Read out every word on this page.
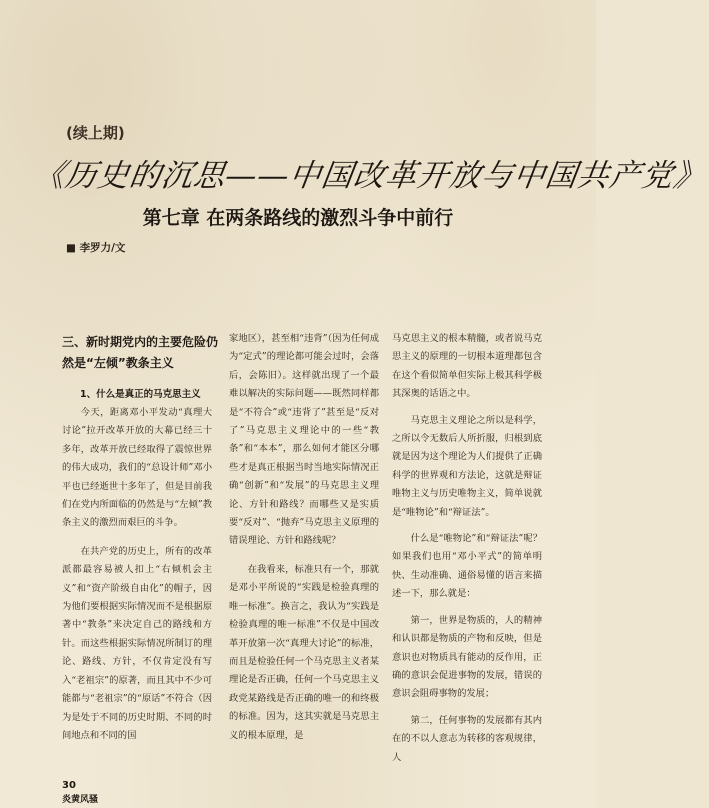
(续上期)
《历史的沉思——中国改革开放与中国共产党》
第七章 在两条路线的激烈斗争中前行
■ 李罗力/文
三、新时期党内的主要危险仍然是“左倾”教条主义
1、什么是真正的马克思主义

今天，距离邓小平发动“真理大讨论”拉开改革开放的大幕已经三十多年，改革开放已经取得了震惊世界的伟大成功，我们的“总设计师”邓小平也已经逝世十多年了，但是目前我们在党内所面临的仍然是与“左倾”教条主义的激烈而艰巨的斗争。

在共产党的历史上，所有的改革派都最容易被人扣上“右倾机会主义”和“资产阶级自由化”的帽子，因为他们要根据实际情况而不是根据原著中“教条”来决定自己的路线和方针。而这些根据实际情况所制订的理论、路线、方针，不仅肯定没有写入“老祖宗”的原著，而且其中不少可能都与“老祖宗”的“原话”不符合（因为是处于不同的历史时期、不同的时间地点和不同的国

家地区），甚至相“违背”（因为任何成为“定式”的理论都可能会过时，会落后，会陈旧）。这样就出现了一个最难以解决的实际问题——既然同样都是“不符合”或“违背了”甚至是“反对了”马克思主义理论中的一些“教条”和“本本”，那么如何才能区分哪些才是真正根据当时当地实际情况正确“创新”和“发展”的马克思主义理论、方针和路线？而哪些又是实质要“反对”、“抛弃”马克思主义原理的错误理论、方针和路线呢？

在我看来，标准只有一个，那就是邓小平所说的“实践是检验真理的唯一标准”。换言之，我认为“实践是检验真理的唯一标准”不仅是中国改革开放第一次“真理大讨论”的标准，而且是检验任何一个马克思主义者某理论是否正确，任何一个马克思主义政党某路线是否正确的唯一的和终极的标准。因为，这其实就是马克思主义的根本原理，是

马克思主义的根本精髓，或者说马克思主义的原理的一切根本道理都包含在这个看似简单但实际上极其科学极其深奥的话语之中。

马克思主义理论之所以是科学，之所以令无数后人所折服，归根到底就是因为这个理论为人们提供了正确科学的世界观和方法论，这就是辩证唯物主义与历史唯物主义，简单说就是“唯物论”和“辩证法”。

什么是“唯物论”和“辩证法”呢？如果我们也用“邓小平式”的简单明快、生动准确、通俗易懂的语言来描述一下，那么就是：

第一，世界是物质的，人的精神和认识都是物质的产物和反映，但是意识也对物质具有能动的反作用，正确的意识会促进事物的发展，错误的意识会阻碍事物的发展；

第二，任何事物的发展都有其内在的不以人意志为转移的客观规律，人

30
炎黄风骚
